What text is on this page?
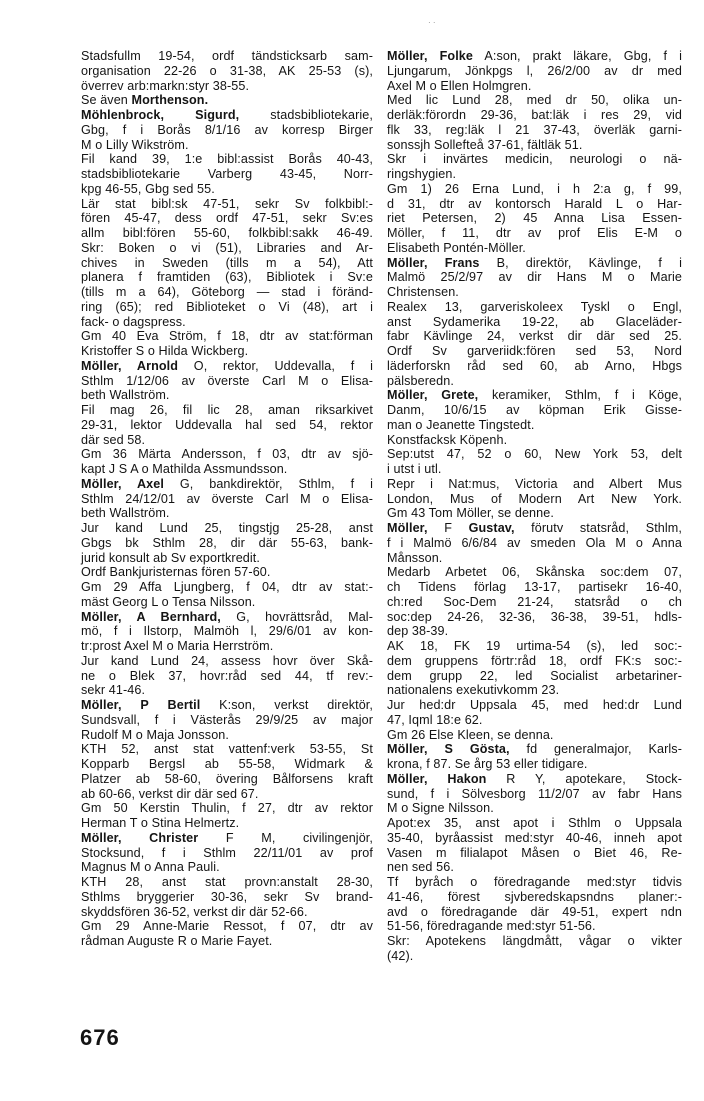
· ·
Stadsfullm 19-54, ordf tändsticksarb sam-
organisation 22-26 o 31-38, AK 25-53 (s),
överrev arb:markn:styr 38-55.
Se även Morthenson.
Möhlenbrock, Sigurd, stadsbibliotekarie,
Gbg, f i Borås 8/1/16 av korresp Birger
M o Lilly Wikström.
Fil kand 39, 1:e bibl:assist Borås 40-43,
stadsbibliotekarie Varberg 43-45, Norr-
kpg 46-55, Gbg sed 55.
Lär stat bibl:sk 47-51, sekr Sv folkbibl:-
fören 45-47, dess ordf 47-51, sekr Sv:es
allm bibl:fören 55-60, folkbibl:sakk 46-49.
Skr: Boken o vi (51), Libraries and Ar-
chives in Sweden (tills m a 54), Att
planera f framtiden (63), Bibliotek i Sv:e
(tills m a 64), Göteborg — stad i föränd-
ring (65); red Biblioteket o Vi (48), art i
fack- o dagspress.
Gm 40 Eva Ström, f 18, dtr av stat:förman
Kristoffer S o Hilda Wickberg.
Möller, Arnold O, rektor, Uddevalla, f i
Sthlm 1/12/06 av överste Carl M o Elisa-
beth Wallström.
Fil mag 26, fil lic 28, aman riksarkivet
29-31, lektor Uddevalla hal sed 54, rektor
där sed 58.
Gm 36 Märta Andersson, f 03, dtr av sjö-
kapt J S A o Mathilda Assmundsson.
Möller, Axel G, bankdirektör, Sthlm, f i
Sthlm 24/12/01 av överste Carl M o Elisa-
beth Wallström.
Jur kand Lund 25, tingstjg 25-28, anst
Gbgs bk Sthlm 28, dir där 55-63, bank-
jurid konsult ab Sv exportkredit.
Ordf Bankjuristernas fören 57-60.
Gm 29 Affa Ljungberg, f 04, dtr av stat:-
mäst Georg L o Tensa Nilsson.
Möller, A Bernhard, G, hovrättsråd, Mal-
mö, f i Ilstorp, Malmöh l, 29/6/01 av kon-
tr:prost Axel M o Maria Herrström.
Jur kand Lund 24, assess hovr över Skå-
ne o Blek 37, hovr:råd sed 44, tf rev:-
sekr 41-46.
Möller, P Bertil K:son, verkst direktör,
Sundsvall, f i Västerås 29/9/25 av major
Rudolf M o Maja Jonsson.
KTH 52, anst stat vattenf:verk 53-55, St
Kopparb Bergsl ab 55-58, Widmark &
Platzer ab 58-60, övering Bålforsens kraft
ab 60-66, verkst dir där sed 67.
Gm 50 Kerstin Thulin, f 27, dtr av rektor
Herman T o Stina Helmertz.
Möller, Christer F M, civilingenjör,
Stocksund, f i Sthlm 22/11/01 av prof
Magnus M o Anna Pauli.
KTH 28, anst stat provn:anstalt 28-30,
Sthlms bryggerier 30-36, sekr Sv brand-
skyddsfören 36-52, verkst dir där 52-66.
Gm 29 Anne-Marie Ressot, f 07, dtr av
rådman Auguste R o Marie Fayet.
Möller, Folke A:son, prakt läkare, Gbg, f i
Ljungarum, Jönkpgs l, 26/2/00 av dr med
Axel M o Ellen Holmgren.
Med lic Lund 28, med dr 50, olika un-
derläk:förordn 29-36, bat:läk i res 29, vid
flk 33, reg:läk l 21 37-43, överläk garni-
sonssjh Sollefteå 37-61, fältläk 51.
Skr i invärtes medicin, neurologi o nä-
ringshygien.
Gm 1) 26 Erna Lund, i h 2:a g, f 99,
d 31, dtr av kontorsch Harald L o Har-
riet Petersen, 2) 45 Anna Lisa Essen-
Möller, f 11, dtr av prof Elis E-M o
Elisabeth Pontén-Möller.
Möller, Frans B, direktör, Kävlinge, f i
Malmö 25/2/97 av dir Hans M o Marie
Christensen.
Realex 13, garveriskoleex Tyskl o Engl,
anst Sydamerika 19-22, ab Glaceläder-
fabr Kävlinge 24, verkst dir där sed 25.
Ordf Sv garveriidk:fören sed 53, Nord
läderforskn råd sed 60, ab Arno, Hbgs
pälsberedn.
Möller, Grete, keramiker, Sthlm, f i Köge,
Danm, 10/6/15 av köpman Erik Gisse-
man o Jeanette Tingstedt.
Konstfacksk Köpenh.
Sep:utst 47, 52 o 60, New York 53, delt
i utst i utl.
Repr i Nat:mus, Victoria and Albert Mus
London, Mus of Modern Art New York.
Gm 43 Tom Möller, se denne.
Möller, F Gustav, förutv statsråd, Sthlm,
f i Malmö 6/6/84 av smeden Ola M o Anna
Månsson.
Medarb Arbetet 06, Skånska soc:dem 07,
ch Tidens förlag 13-17, partisekr 16-40,
ch:red Soc-Dem 21-24, statsråd o ch
soc:dep 24-26, 32-36, 36-38, 39-51, hdls-
dep 38-39.
AK 18, FK 19 urtima-54 (s), led soc:-
dem gruppens förtr:råd 18, ordf FK:s soc:-
dem grupp 22, led Socialist arbetariner-
nationalens exekutivkomm 23.
Jur hed:dr Uppsala 45, med hed:dr Lund
47, Iqml 18:e 62.
Gm 26 Else Kleen, se denna.
Möller, S Gösta, fd generalmajor, Karls-
krona, f 87. Se årg 53 eller tidigare.
Möller, Hakon R Y, apotekare, Stock-
sund, f i Sölvesborg 11/2/07 av fabr Hans
M o Signe Nilsson.
Apot:ex 35, anst apot i Sthlm o Uppsala
35-40, byråassist med:styr 40-46, inneh apot
Vasen m filialapot Måsen o Biet 46, Re-
nen sed 56.
Tf byråch o föredragande med:styr tidvis
41-46, förest sjvberedskapsndns planer:-
avd o föredragande där 49-51, expert ndn
51-56, föredragande med:styr 51-56.
Skr: Apotekens längdmått, vågar o vikter
(42).
676
